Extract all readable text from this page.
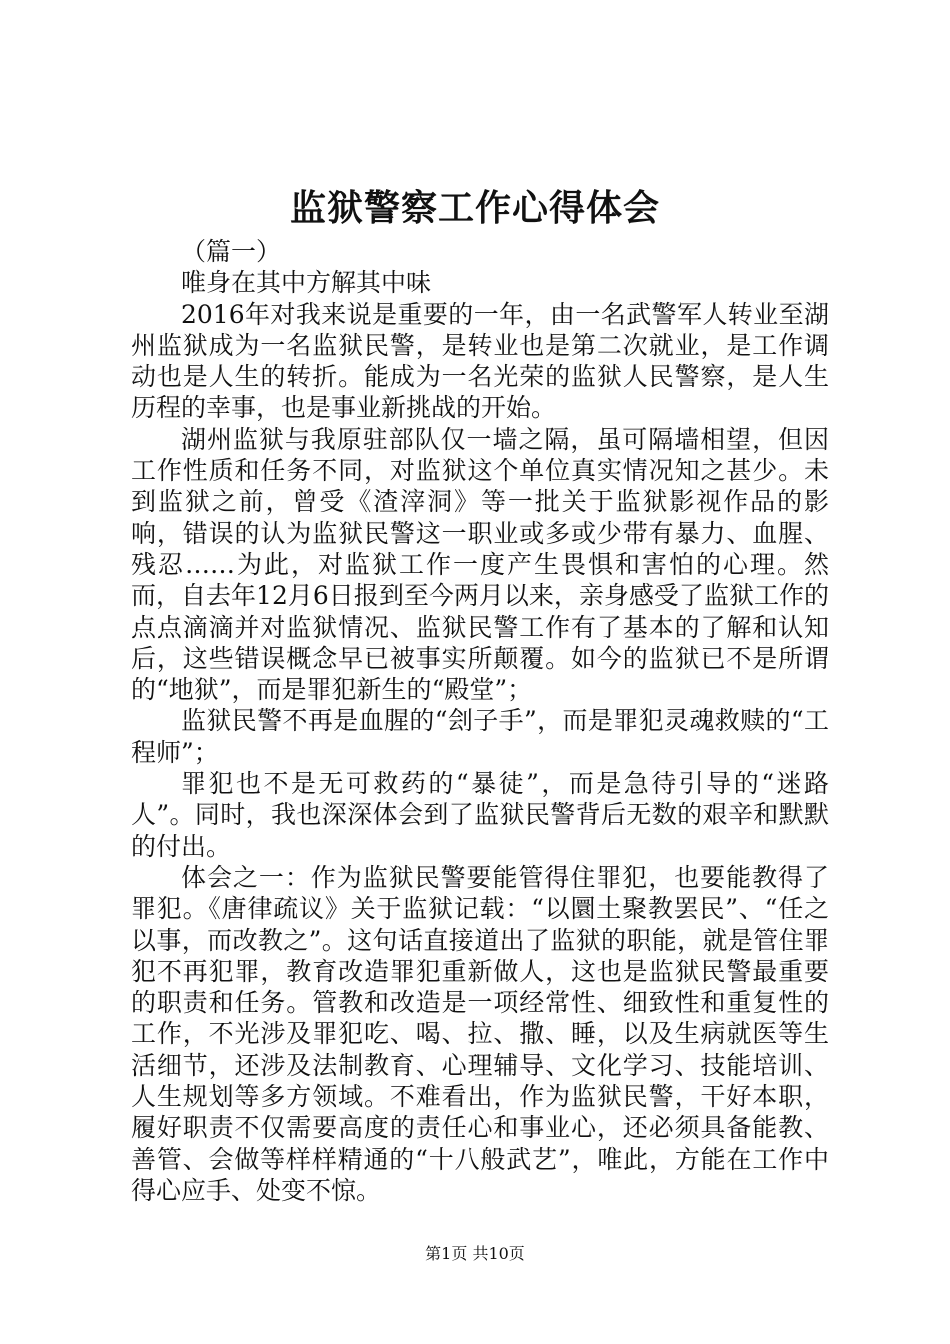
监狱警察工作心得体会

（篇一）

唯身在其中方解其中味

2016年对我来说是重要的一年，由一名武警军人转业至湖州监狱成为一名监狱民警，是转业也是第二次就业，是工作调动也是人生的转折。能成为一名光荣的监狱人民警察，是人生历程的幸事，也是事业新挑战的开始。

湖州监狱与我原驻部队仅一墙之隔，虽可隔墙相望，但因工作性质和任务不同，对监狱这个单位真实情况知之甚少。未到监狱之前，曾受《渣滓洞》等一批关于监狱影视作品的影响，错误的认为监狱民警这一职业或多或少带有暴力、血腥、残忍……为此，对监狱工作一度产生畏惧和害怕的心理。然而，自去年12月6日报到至今两月以来，亲身感受了监狱工作的点点滴滴并对监狱情况、监狱民警工作有了基本的了解和认知后，这些错误概念早已被事实所颠覆。如今的监狱已不是所谓的“地狱”，而是罪犯新生的“殿堂”；

监狱民警不再是血腥的“刽子手”，而是罪犯灵魂救赎的“工程师”；

罪犯也不是无可救药的“暴徒”，而是急待引导的“迷路人”。同时，我也深深体会到了监狱民警背后无数的艰辛和默默的付出。

体会之一：作为监狱民警要能管得住罪犯，也要能教得了罪犯。《唐律疏议》关于监狱记载：“以圜土聚教罢民”、“任之以事，而改教之”。这句话直接道出了监狱的职能，就是管住罪犯不再犯罪，教育改造罪犯重新做人，这也是监狱民警最重要的职责和任务。管教和改造是一项经常性、细致性和重复性的工作，不光涉及罪犯吃、喝、拉、撒、睡，以及生病就医等生活细节，还涉及法制教育、心理辅导、文化学习、技能培训、人生规划等多方领域。不难看出，作为监狱民警，干好本职，履好职责不仅需要高度的责任心和事业心，还必须具备能教、善管、会做等样样精通的“十八般武艺”，唯此，方能在工作中得心应手、处变不惊。

第1页 共10页
